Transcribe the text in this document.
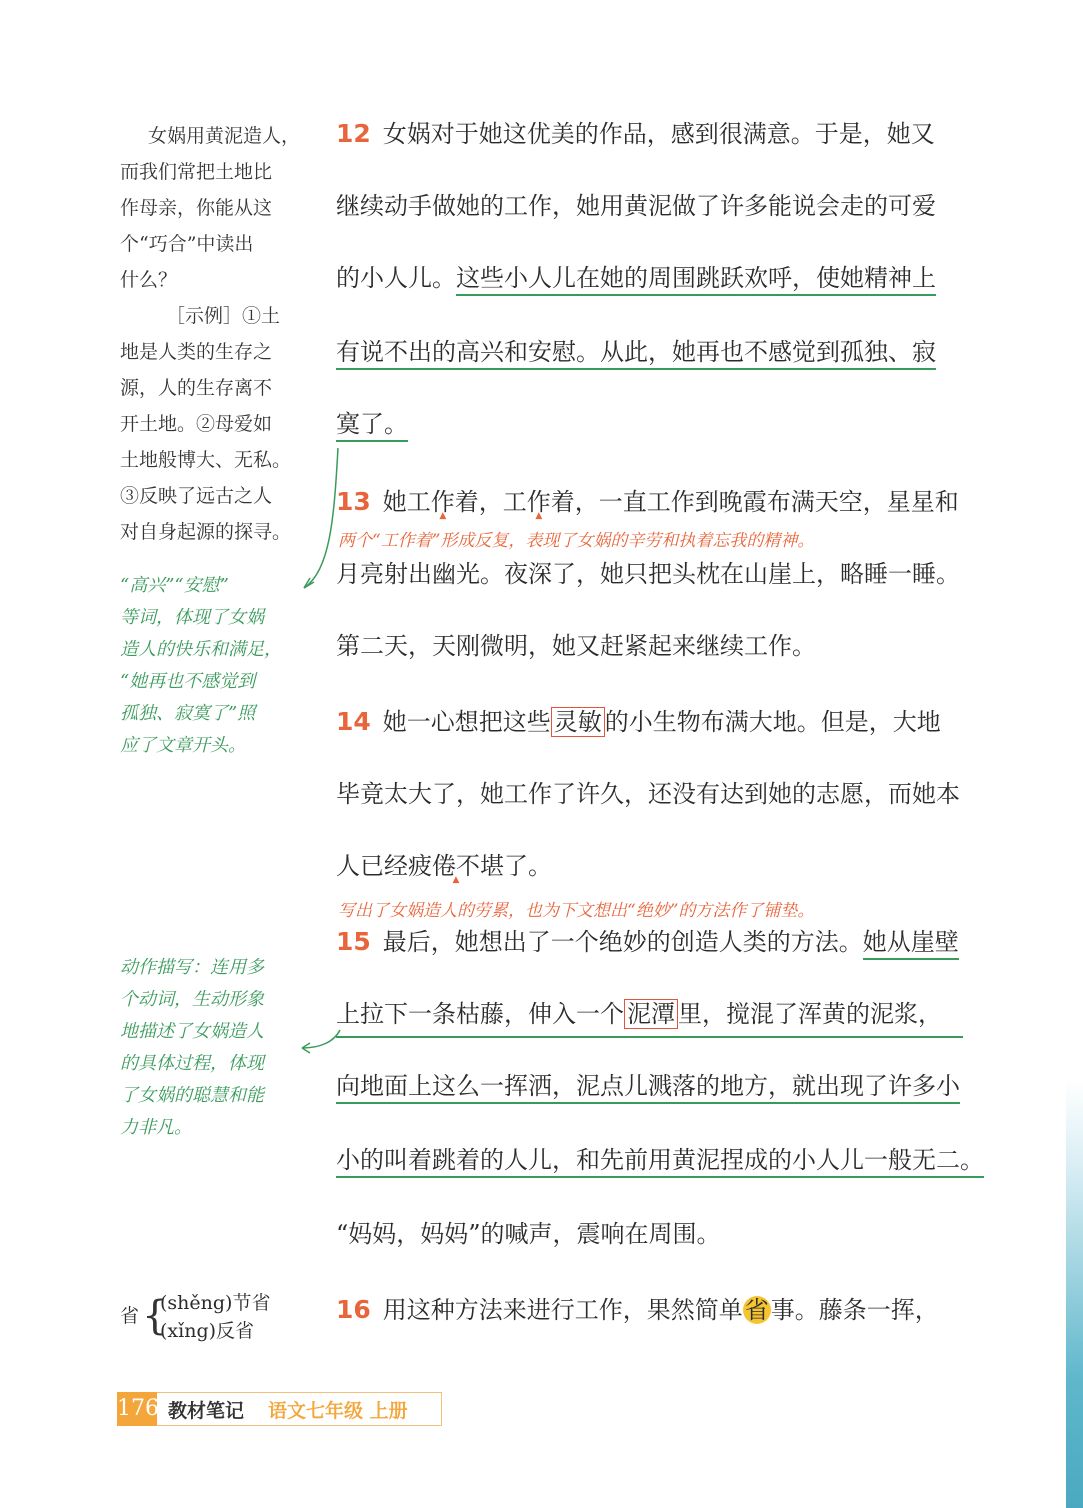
女娲用黄泥造人，
而我们常把土地比
作母亲，你能从这
个“巧合”中读出
什么？
［示例］①土
地是人类的生存之
源，人的生存离不
开土地。②母爱如
土地般博大、无私。
③反映了远古之人
对自身起源的探寻。
“高兴”“安慰”
等词，体现了女娲
造人的快乐和满足，
“她再也不感觉到
孤独、寂寞了”照
应了文章开头。
动作描写：连用多
个动词，生动形象
地描述了女娲造人
的具体过程，体现
了女娲的聪慧和能
力非凡。
12 女娲对于她这优美的作品，感到很满意。于是，她又
继续动手做她的工作，她用黄泥做了许多能说会走的可爱
的小人儿。这些小人儿在她的周围跳跃欢呼，使她精神上
有说不出的高兴和安慰。从此，她再也不感觉到孤独、寂
寞了。
13 她工作着 ▲，工作着 ▲，一直工作到晚霞布满天空，星星和
两个“工作着”形成反复，表现了女娲的辛劳和执着忘我的精神。
月亮射出幽光。夜深了，她只把头枕在山崖上，略睡一睡。
第二天，天刚微明，她又赶紧起来继续工作。
14 她一心想把这些 灵敏 的小生物布满大地。但是，大地
毕竟太大了，她工作了许久，还没有达到她的志愿，而她本
人已经疲倦不堪 ▲了。
写出了女娲造人的劳累，也为下文想出“绝妙”的方法作了铺垫。
15 最后，她想出了一个绝妙的创造人类的方法。她从崖壁
上拉下一条枯藤，伸入一个 泥潭 里，搅混了浑黄的泥浆，
向地面上这么一挥洒，泥点儿溅落的地方，就出现了许多小
小的叫着跳着的人儿，和先前用黄泥捏成的小人儿一般无二。
“妈妈，妈妈”的喊声，震响在周围。
省 {
(shěng)节省
(xǐng)反省
16 用这种方法来进行工作，果然简单省事。藤条一挥，
176 教材笔记 语文七年级 上册
